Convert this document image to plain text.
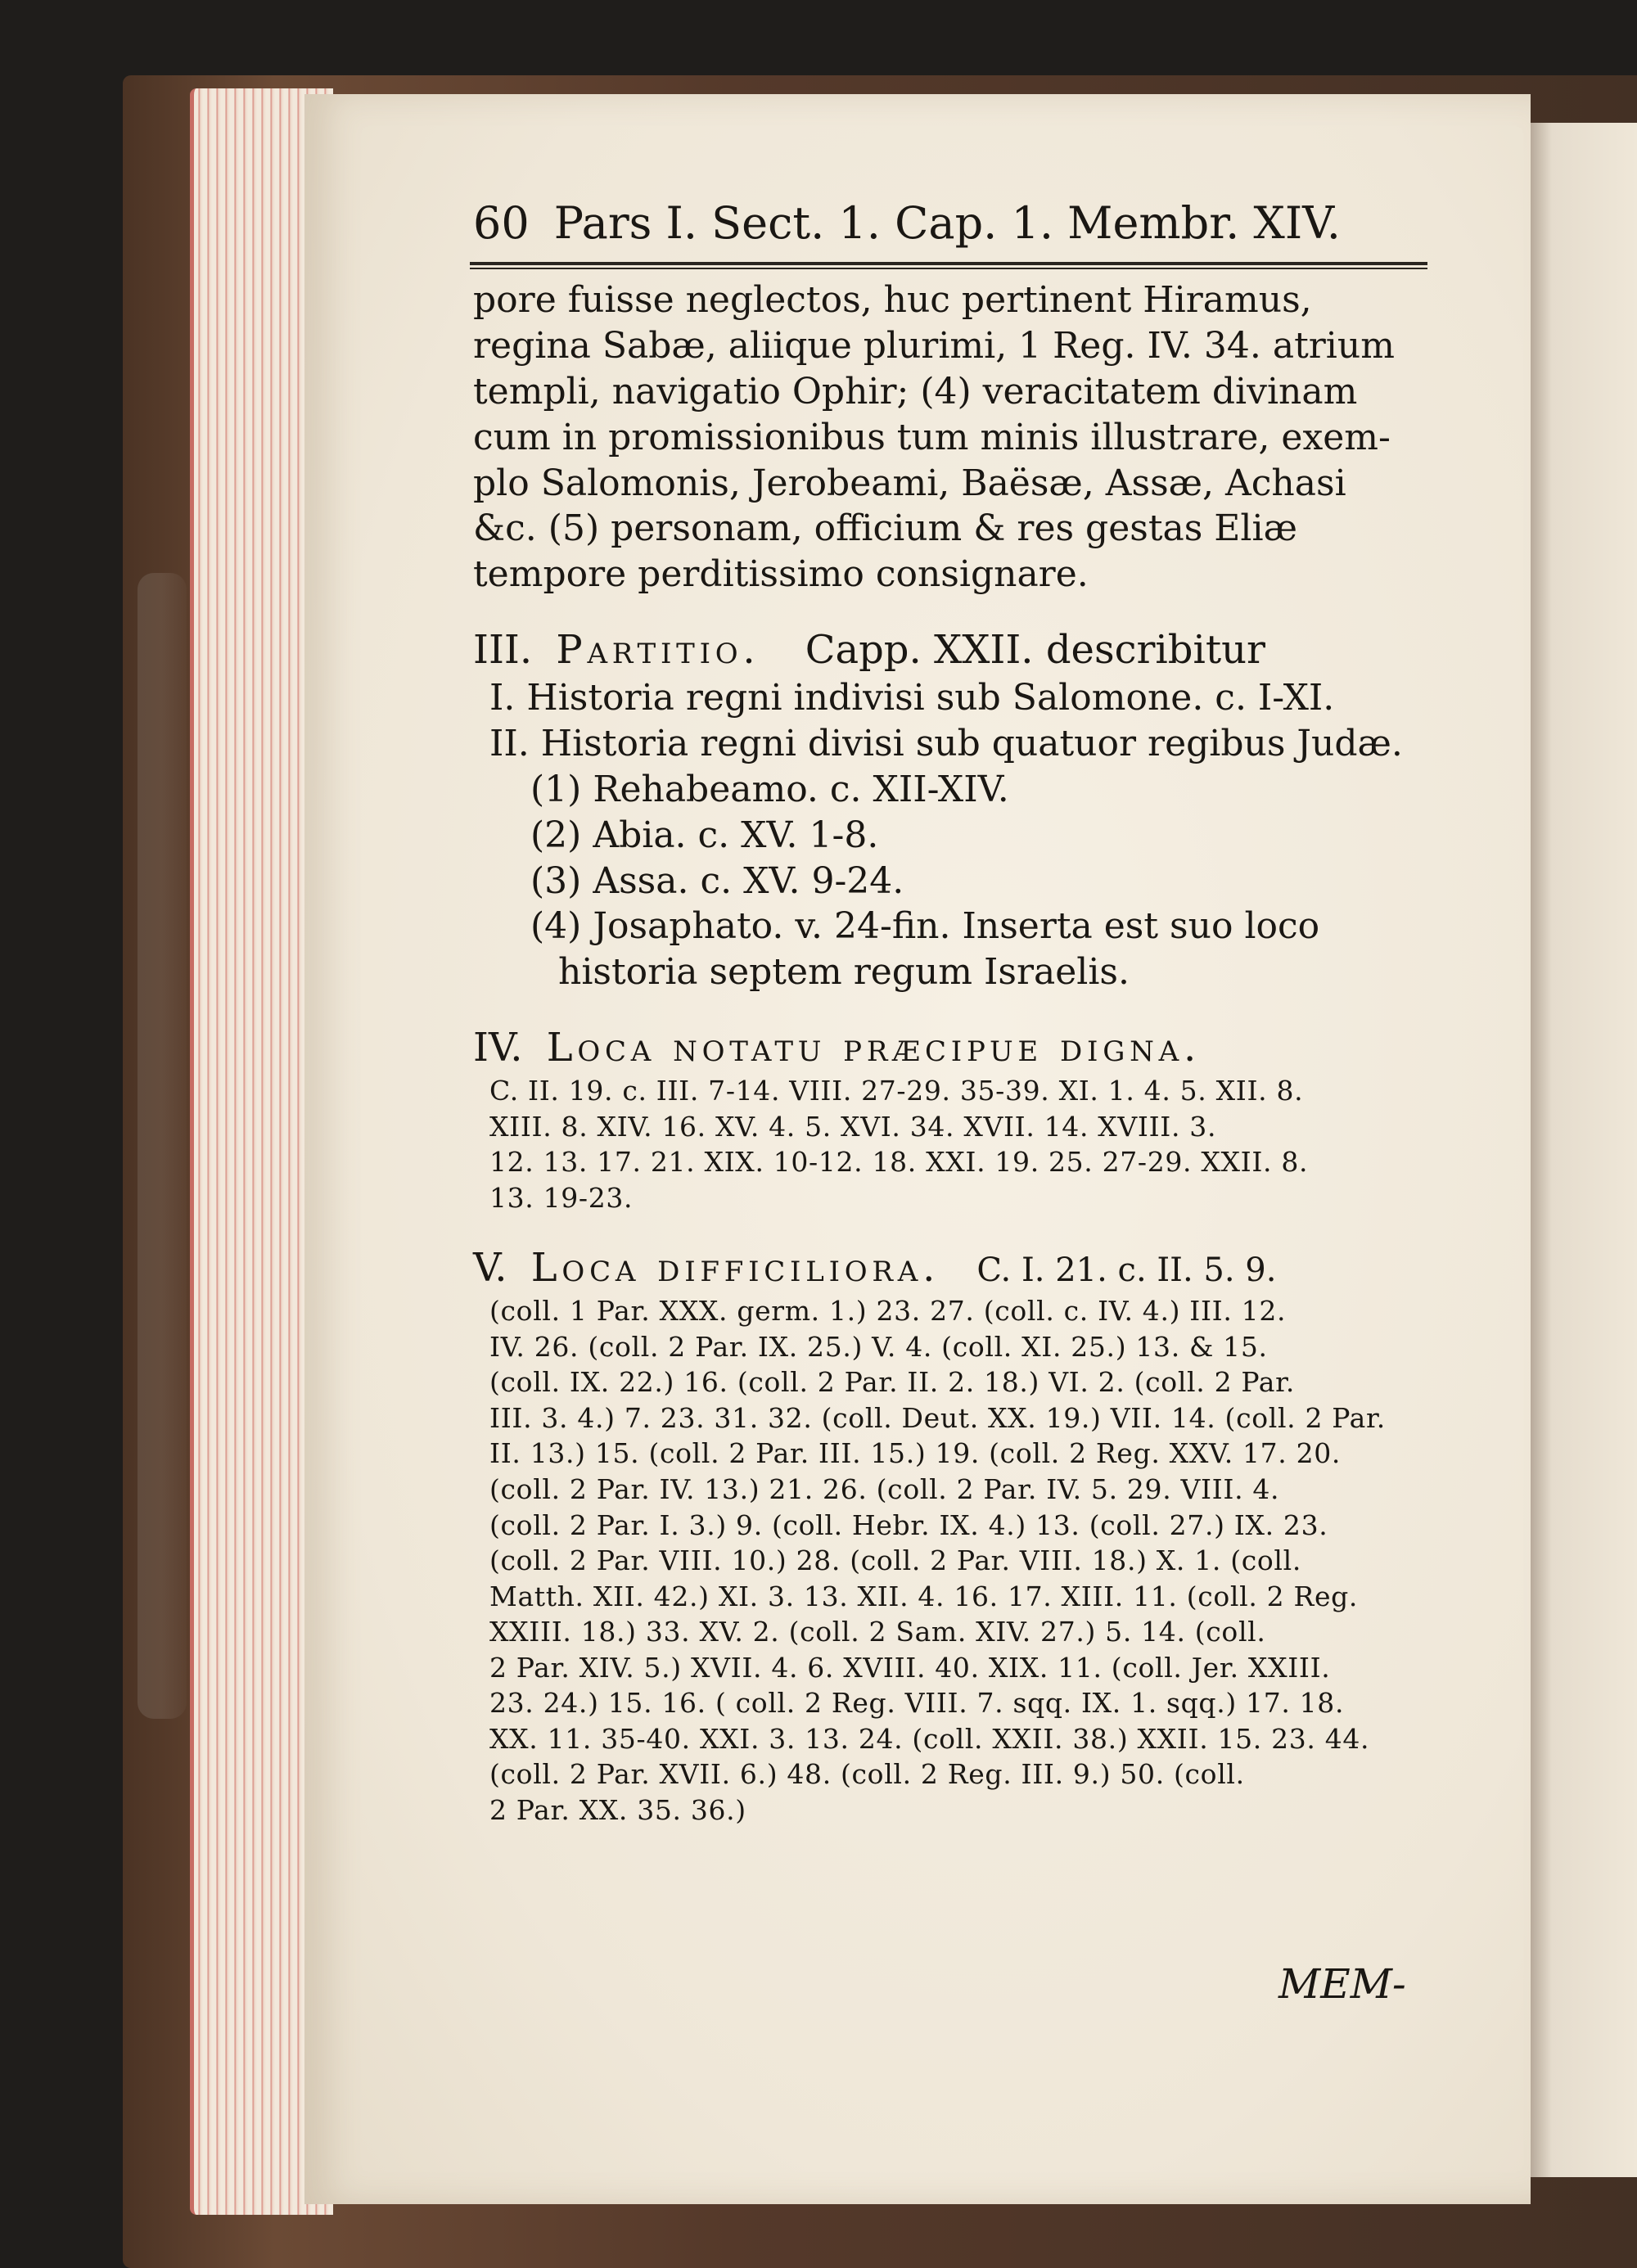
60 Pars I. Sect. 1. Cap. 1. Membr. XIV.
pore fuisse neglectos, huc pertinent Hiramus,
regina Sabæ, aliique plurimi, 1 Reg. IV. 34. atrium
templi, navigatio Ophir; (4) veracitatem divinam
cum in promissionibus tum minis illustrare, exem-
plo Salomonis, Jerobeami, Baësæ, Assæ, Achasi
&c. (5) personam, officium & res gestas Eliæ
tempore perditissimo consignare.
III. Partitio. Capp. XXII. describitur
I. Historia regni indivisi sub Salomone. c. I-XI.
II. Historia regni divisi sub quatuor regibus Judæ.
(1) Rehabeamo. c. XII-XIV.
(2) Abia. c. XV. 1-8.
(3) Assa. c. XV. 9-24.
(4) Josaphato. v. 24-fin. Inserta est suo loco
historia septem regum Israelis.
IV. Loca notatu præcipue digna.
C. II. 19. c. III. 7-14. VIII. 27-29. 35-39. XI. 1. 4. 5. XII. 8.
XIII. 8. XIV. 16. XV. 4. 5. XVI. 34. XVII. 14. XVIII. 3.
12. 13. 17. 21. XIX. 10-12. 18. XXI. 19. 25. 27-29. XXII. 8.
13. 19-23.
V. Loca difficiliora. C. I. 21. c. II. 5. 9.
(coll. 1 Par. XXX. germ. 1.) 23. 27. (coll. c. IV. 4.) III. 12.
IV. 26. (coll. 2 Par. IX. 25.) V. 4. (coll. XI. 25.) 13. & 15.
(coll. IX. 22.) 16. (coll. 2 Par. II. 2. 18.) VI. 2. (coll. 2 Par.
III. 3. 4.) 7. 23. 31. 32. (coll. Deut. XX. 19.) VII. 14. (coll. 2 Par.
II. 13.) 15. (coll. 2 Par. III. 15.) 19. (coll. 2 Reg. XXV. 17. 20.
(coll. 2 Par. IV. 13.) 21. 26. (coll. 2 Par. IV. 5. 29. VIII. 4.
(coll. 2 Par. I. 3.) 9. (coll. Hebr. IX. 4.) 13. (coll. 27.) IX. 23.
(coll. 2 Par. VIII. 10.) 28. (coll. 2 Par. VIII. 18.) X. 1. (coll.
Matth. XII. 42.) XI. 3. 13. XII. 4. 16. 17. XIII. 11. (coll. 2 Reg.
XXIII. 18.) 33. XV. 2. (coll. 2 Sam. XIV. 27.) 5. 14. (coll.
2 Par. XIV. 5.) XVII. 4. 6. XVIII. 40. XIX. 11. (coll. Jer. XXIII.
23. 24.) 15. 16. ( coll. 2 Reg. VIII. 7. sqq. IX. 1. sqq.) 17. 18.
XX. 11. 35-40. XXI. 3. 13. 24. (coll. XXII. 38.) XXII. 15. 23. 44.
(coll. 2 Par. XVII. 6.) 48. (coll. 2 Reg. III. 9.) 50. (coll.
2 Par. XX. 35. 36.)
MEM-
